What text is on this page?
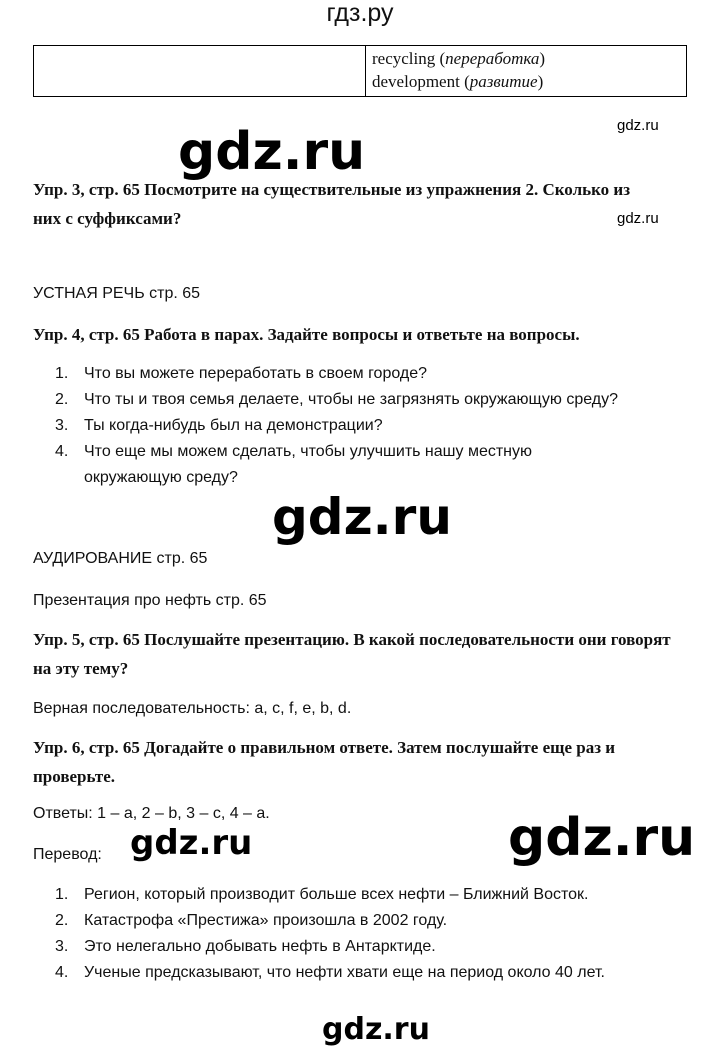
гдз.ру
recycling (переработка)
development (развитие)
gdz.ru	gdz.ru
gdz.ru
Упр. 3, стр. 65 Посмотрите на существительные из упражнения 2. Сколько из них с суффиксами?
УСТНАЯ РЕЧЬ стр. 65
Упр. 4, стр. 65 Работа в парах. Задайте вопросы и ответьте на вопросы.
1. Что вы можете переработать в своем городе?
2. Что ты и твоя семья делаете, чтобы не загрязнять окружающую среду?
3. Ты когда-нибудь был на демонстрации?
4. Что еще мы можем сделать, чтобы улучшить нашу местную окружающую среду?
gdz.ru
АУДИРОВАНИЕ стр. 65
Презентация про нефть стр. 65
Упр. 5, стр. 65 Послушайте презентацию. В какой последовательности они говорят на эту тему?
Верная последовательность: a, c, f, e, b, d.
Упр. 6, стр. 65 Догадайте о правильном ответе. Затем послушайте еще раз и проверьте.
Ответы: 1 – a, 2 – b, 3 – c, 4 – a.	gdz.ru
Перевод: gdz.ru
1. Регион, который производит больше всех нефти – Ближний Восток.
2. Катастрофа «Престижа» произошла в 2002 году.
3. Это нелегально добывать нефть в Антарктиде.
4. Ученые предсказывают, что нефти хвати еще на период около 40 лет.
gdz.ru
